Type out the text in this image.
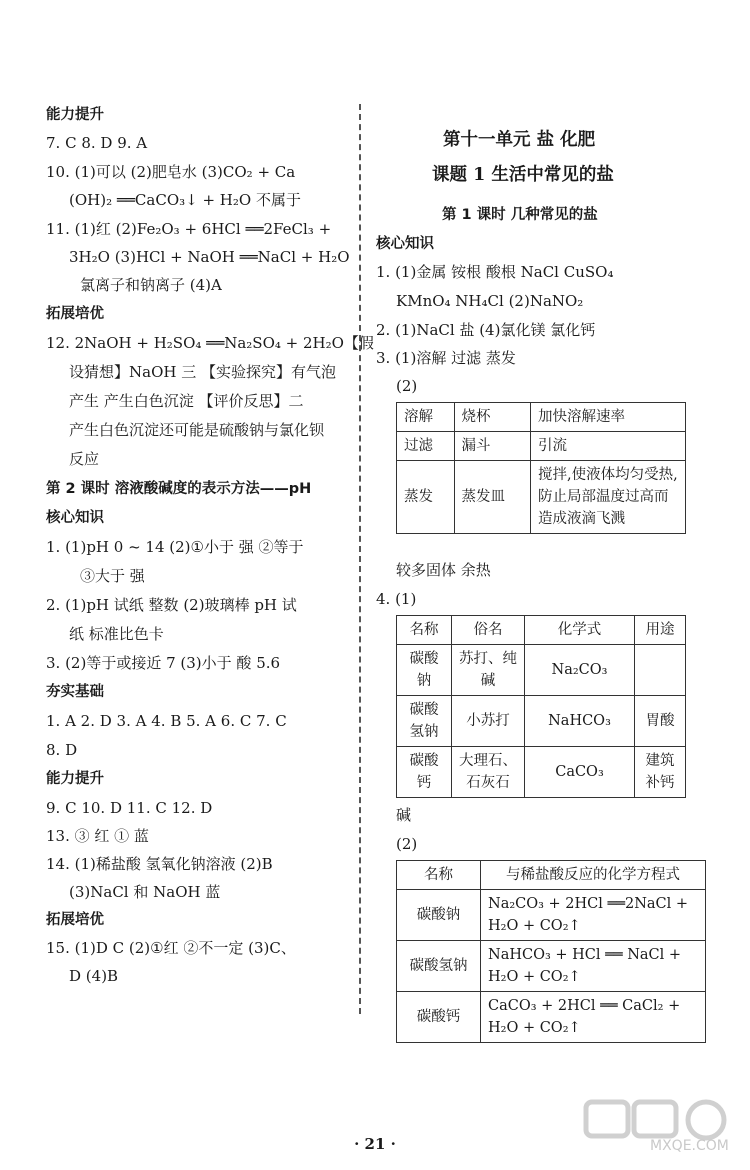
溶解	烧杯	加快溶解速率
过滤	漏斗	引流
蒸发	蒸发皿	搅拌,使液体均匀受热,防止局部温度过高而造成液滴飞溅
名称	俗名	化学式	用途
碳酸钠	苏打、纯碱	Na₂CO₃	
碳酸氢钠	小苏打	NaHCO₃	胃酸
碳酸钙	大理石、石灰石	CaCO₃	建筑补钙
名称	与稀盐酸反应的化学方程式
碳酸钠	Na₂CO₃ + 2HCl ══2NaCl + H₂O + CO₂↑
碳酸氢钠	NaHCO₃ + HCl ══ NaCl + H₂O + CO₂↑
碳酸钙	CaCO₃ + 2HCl ══ CaCl₂ + H₂O + CO₂↑
· 21 ·	MXQE.COM
能力提升
7. C 8. D 9. A
10. (1)可以 (2)肥皂水 (3)CO₂ + Ca
(OH)₂ ══CaCO₃↓ + H₂O 不属于
11. (1)红 (2)Fe₂O₃ + 6HCl ══2FeCl₃ +
3H₂O (3)HCl + NaOH ══NaCl + H₂O
氯离子和钠离子 (4)A
拓展培优
12. 2NaOH + H₂SO₄ ══Na₂SO₄ + 2H₂O【假
设猜想】NaOH 三 【实验探究】有气泡
产生 产生白色沉淀 【评价反思】二
产生白色沉淀还可能是硫酸钠与氯化钡
反应
第 2 课时 溶液酸碱度的表示方法——pH
核心知识
1. (1)pH 0 ~ 14 (2)①小于 强 ②等于
③大于 强
2. (1)pH 试纸 整数 (2)玻璃棒 pH 试
纸 标准比色卡
3. (2)等于或接近 7 (3)小于 酸 5.6
夯实基础
1. A 2. D 3. A 4. B 5. A 6. C 7. C
8. D
能力提升
9. C 10. D 11. C 12. D
13. ③ 红 ① 蓝
14. (1)稀盐酸 氢氧化钠溶液 (2)B
(3)NaCl 和 NaOH 蓝
拓展培优
15. (1)D C (2)①红 ②不一定 (3)C、
D (4)B
第十一单元 盐 化肥
课题 1 生活中常见的盐
第 1 课时 几种常见的盐
核心知识
1. (1)金属 铵根 酸根 NaCl CuSO₄
KMnO₄ NH₄Cl (2)NaNO₂
2. (1)NaCl 盐 (4)氯化镁 氯化钙
3. (1)溶解 过滤 蒸发
(2)
较多固体 余热
4. (1)
碱
(2)
